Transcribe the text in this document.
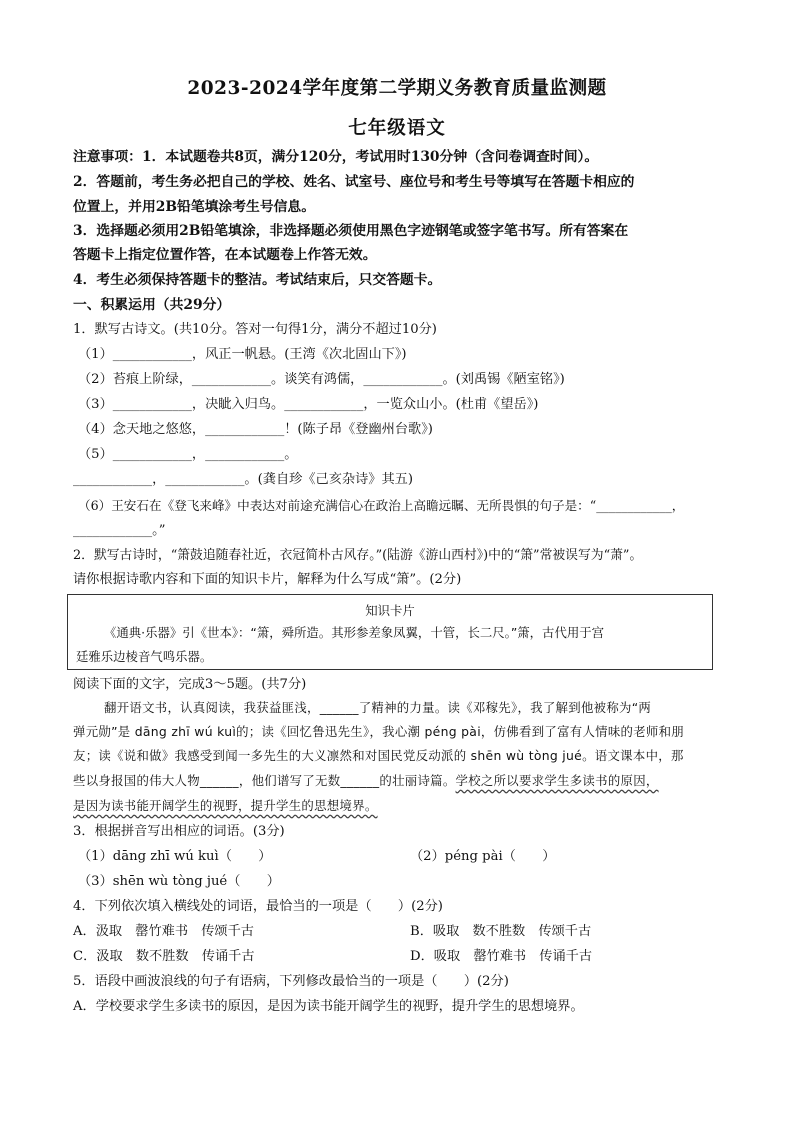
2023-2024学年度第二学期义务教育质量监测题
七年级语文
注意事项：1．本试题卷共8页，满分120分，考试用时130分钟（含问卷调查时间）。
2．答题前，考生务必把自己的学校、姓名、试室号、座位号和考生号等填写在答题卡相应的
位置上，并用2B铅笔填涂考生号信息。
3．选择题必须用2B铅笔填涂，非选择题必须使用黑色字迹钢笔或签字笔书写。所有答案在
答题卡上指定位置作答，在本试题卷上作答无效。
4．考生必须保持答题卡的整洁。考试结束后，只交答题卡。
一、积累运用（共29分）
1．默写古诗文。(共10分。答对一句得1分，满分不超过10分)
（1）____________，风正一帆悬。(王湾《次北固山下》)
（2）苔痕上阶绿，____________。谈笑有鸿儒，____________。(刘禹锡《陋室铭》)
（3）____________，决眦入归鸟。____________，一览众山小。(杜甫《望岳》)
（4）念天地之悠悠，____________！(陈子昂《登幽州台歌》)
（5）____________，____________。
____________，____________。(龚自珍《己亥杂诗》其五)
（6）王安石在《登飞来峰》中表达对前途充满信心在政治上高瞻远瞩、无所畏惧的句子是：“____________，
____________。”
2．默写古诗时，“箫鼓追随春社近，衣冠简朴古风存。”(陆游《游山西村》)中的“箫”常被误写为“萧”。
请你根据诗歌内容和下面的知识卡片，解释为什么写成“箫”。(2分)
知识卡片
《通典·乐器》引《世本》：“箫，舜所造。其形参差象凤翼，十管，长二尺。”箫，古代用于宫
廷雅乐边棱音气鸣乐器。
阅读下面的文字，完成3～5题。(共7分)
翻开语文书，认真阅读，我获益匪浅，______了精神的力量。读《邓稼先》，我了解到他被称为“两
弹元勋”是 dāng zhī wú kuì的；读《回忆鲁迅先生》，我心潮 péng pài，仿佛看到了富有人情味的老师和朋
友；读《说和做》我感受到闻一多先生的大义凛然和对国民党反动派的 shēn wù tòng jué。语文课本中，那
些以身报国的伟大人物______，他们谱写了无数______的壮丽诗篇。学校之所以要求学生多读书的原因，
是因为读书能开阔学生的视野，提升学生的思想境界。
3．根据拼音写出相应的词语。(3分)
（1）dāng zhī wú kuì（　　）	（2）péng pài（　　）
（3）shēn wù tòng jué（　　）
4．下列依次填入横线处的词语，最恰当的一项是（　　）(2分)
A．汲取　罄竹难书　传颂千古	B．吸取　数不胜数　传颂千古
C．汲取　数不胜数　传诵千古	D．吸取　罄竹难书　传诵千古
5．语段中画波浪线的句子有语病，下列修改最恰当的一项是（　　）(2分)
A．学校要求学生多读书的原因，是因为读书能开阔学生的视野，提升学生的思想境界。
